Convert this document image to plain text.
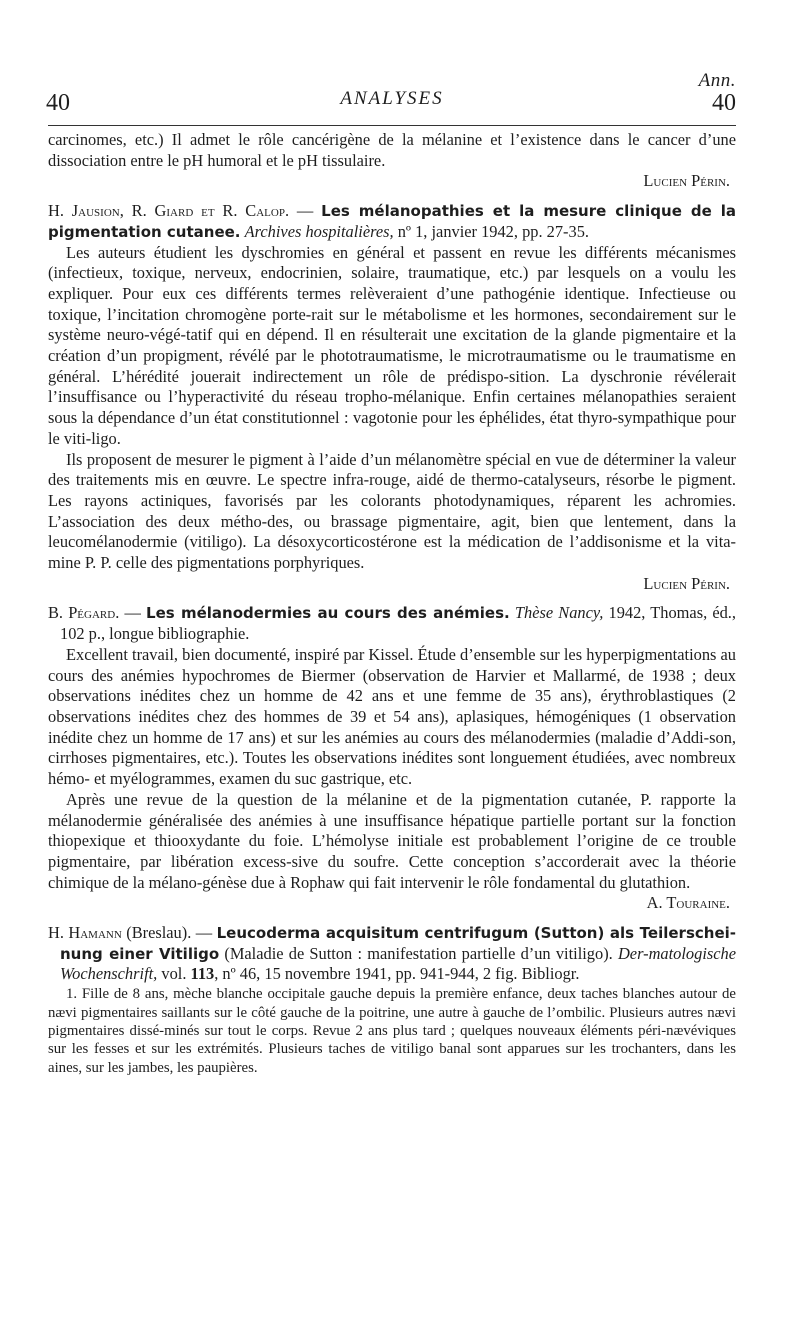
40	ANALYSES
Ann.
40

carcinomes, etc.) Il admet le rôle cancérigène de la mélanine et l’existence dans le cancer d’une dissociation entre le pH humoral et le pH tissulaire.

Lucien Périn.

H. Jausion, R. Giard et R. Calop. — Les mélanopathies et la mesure clinique de la pigmentation cutanee. Archives hospitalières, nº 1, janvier 1942, pp. 27-35.

Les auteurs étudient les dyschromies en général et passent en revue les différents mécanismes (infectieux, toxique, nerveux, endocrinien, solaire, traumatique, etc.) par lesquels on a voulu les expliquer. Pour eux ces différents termes relèveraient d’une pathogénie identique. Infectieuse ou toxique, l’incitation chromogène porte-rait sur le métabolisme et les hormones, secondairement sur le système neuro-végé-tatif qui en dépend. Il en résulterait une excitation de la glande pigmentaire et la création d’un propigment, révélé par le phototraumatisme, le microtraumatisme ou le traumatisme en général. L’hérédité jouerait indirectement un rôle de prédispo-sition. La dyschronie révélerait l’insuffisance ou l’hyperactivité du réseau tropho-mélanique. Enfin certaines mélanopathies seraient sous la dépendance d’un état constitutionnel : vagotonie pour les éphélides, état thyro-sympathique pour le viti-ligo.

Ils proposent de mesurer le pigment à l’aide d’un mélanomètre spécial en vue de déterminer la valeur des traitements mis en œuvre. Le spectre infra-rouge, aidé de thermo-catalyseurs, résorbe le pigment. Les rayons actiniques, favorisés par les colorants photodynamiques, réparent les achromies. L’association des deux métho-des, ou brassage pigmentaire, agit, bien que lentement, dans la leucomélanodermie (vitiligo). La désoxycorticostérone est la médication de l’addisonisme et la vita-mine P. P. celle des pigmentations porphyriques.

Lucien Périn.

B. Pégard. — Les mélanodermies au cours des anémies. Thèse Nancy, 1942, Thomas, éd., 102 p., longue bibliographie.

Excellent travail, bien documenté, inspiré par Kissel. Étude d’ensemble sur les hyperpigmentations au cours des anémies hypochromes de Biermer (observation de Harvier et Mallarmé, de 1938 ; deux observations inédites chez un homme de 42 ans et une femme de 35 ans), érythroblastiques (2 observations inédites chez des hommes de 39 et 54 ans), aplasiques, hémogéniques (1 observation inédite chez un homme de 17 ans) et sur les anémies au cours des mélanodermies (maladie d’Addi-son, cirrhoses pigmentaires, etc.). Toutes les observations inédites sont longuement étudiées, avec nombreux hémo- et myélogrammes, examen du suc gastrique, etc.

Après une revue de la question de la mélanine et de la pigmentation cutanée, P. rapporte la mélanodermie généralisée des anémies à une insuffisance hépatique partielle portant sur la fonction thiopexique et thiooxydante du foie. L’hémolyse initiale est probablement l’origine de ce trouble pigmentaire, par libération excess-sive du soufre. Cette conception s’accorderait avec la théorie chimique de la mélano-génèse due à Rophaw qui fait intervenir le rôle fondamental du glutathion.

A. Touraine.

H. Hamann (Breslau). — Leucoderma acquisitum centrifugum (Sutton) als Teilerschei-nung einer Vitiligo (Maladie de Sutton : manifestation partielle d’un vitiligo). Der-matologische Wochenschrift, vol. 113, nº 46, 15 novembre 1941, pp. 941-944, 2 fig. Bibliogr.

1. Fille de 8 ans, mèche blanche occipitale gauche depuis la première enfance, deux taches blanches autour de nævi pigmentaires saillants sur le côté gauche de la poitrine, une autre à gauche de l’ombilic. Plusieurs autres nævi pigmentaires dissé-minés sur tout le corps. Revue 2 ans plus tard ; quelques nouveaux éléments péri-nævéviques sur les fesses et sur les extrémités. Plusieurs taches de vitiligo banal sont apparues sur les trochanters, dans les aines, sur les jambes, les paupières.
